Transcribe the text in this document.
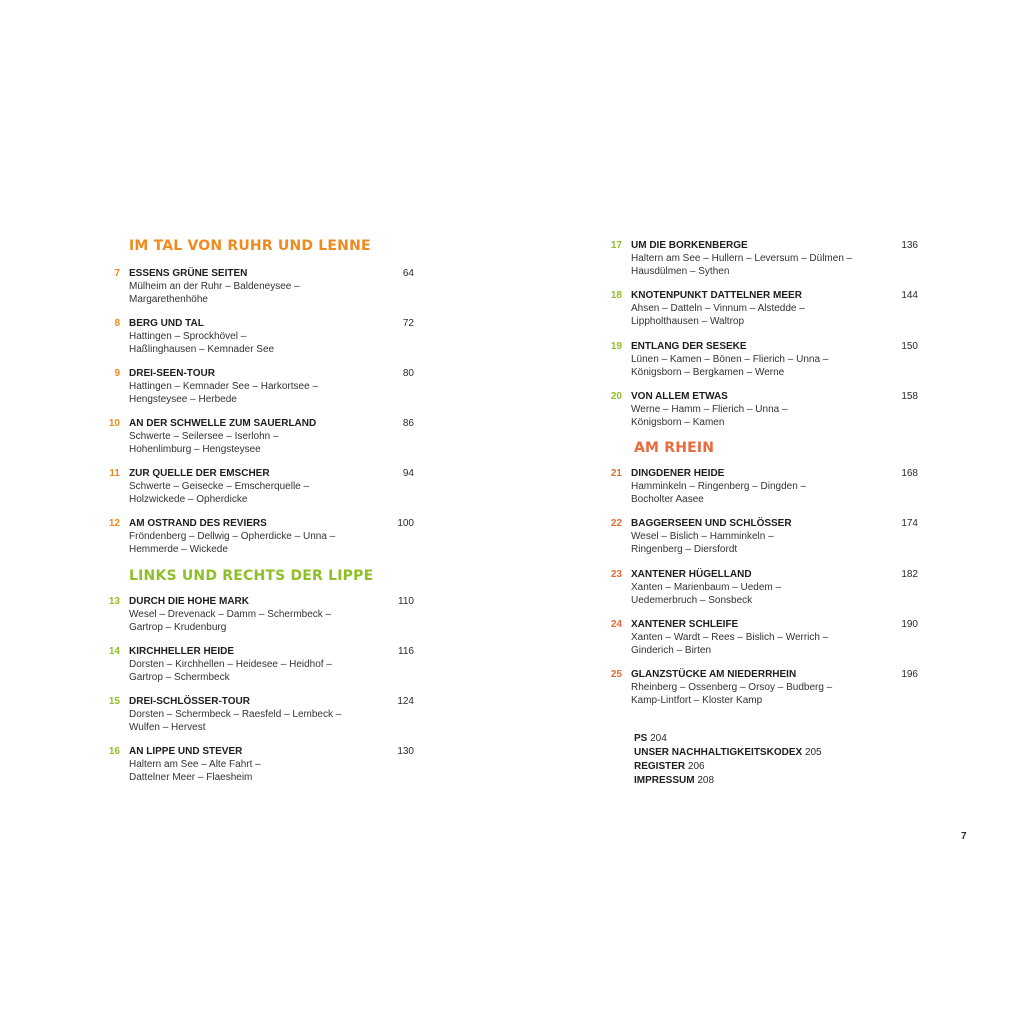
IM TAL VON RUHR UND LENNE
7 ESSENS GRÜNE SEITEN	64
Mülheim an der Ruhr – Baldeneysee –
Margarethenhöhe
8 BERG UND TAL	72
Hattingen – Sprockhövel –
Haßlinghausen – Kemnader See
9 DREI-SEEN-TOUR	80
Hattingen – Kemnader See – Harkortsee –
Hengsteysee – Herbede
10 AN DER SCHWELLE ZUM SAUERLAND	86
Schwerte – Seilersee – Iserlohn –
Hohenlimburg – Hengsteysee
11 ZUR QUELLE DER EMSCHER	94
Schwerte – Geisecke – Emscherquelle –
Holzwickede – Opherdicke
12 AM OSTRAND DES REVIERS	100
Fröndenberg – Dellwig – Opherdicke – Unna –
Hemmerde – Wickede
LINKS UND RECHTS DER LIPPE
13 DURCH DIE HOHE MARK	110
Wesel – Drevenack – Damm – Schermbeck –
Gartrop – Krudenburg
14 KIRCHHELLER HEIDE	116
Dorsten – Kirchhellen – Heidesee – Heidhof –
Gartrop – Schermbeck
15 DREI-SCHLÖSSER-TOUR	124
Dorsten – Schermbeck – Raesfeld – Lembeck –
Wulfen – Hervest
16 AN LIPPE UND STEVER	130
Haltern am See – Alte Fahrt –
Dattelner Meer – Flaesheim
17 UM DIE BORKENBERGE	136
Haltern am See – Hullern – Leversum – Dülmen –
Hausdülmen – Sythen
18 KNOTENPUNKT DATTELNER MEER	144
Ahsen – Datteln – Vinnum – Alstedde –
Lippholthausen – Waltrop
19 ENTLANG DER SESEKE	150
Lünen – Kamen – Bönen – Flierich – Unna –
Königsborn – Bergkamen – Werne
20 VON ALLEM ETWAS	158
Werne – Hamm – Flierich – Unna –
Königsborn – Kamen
AM RHEIN
21 DINGDENER HEIDE	168
Hamminkeln – Ringenberg – Dingden –
Bocholter Aasee
22 BAGGERSEEN UND SCHLÖSSER	174
Wesel – Bislich – Hamminkeln –
Ringenberg – Diersfordt
23 XANTENER HÜGELLAND	182
Xanten – Marienbaum – Uedem –
Uedemerbruch – Sonsbeck
24 XANTENER SCHLEIFE	190
Xanten – Wardt – Rees – Bislich – Werrich –
Ginderich – Birten
25 GLANZSTÜCKE AM NIEDERRHEIN	196
Rheinberg – Ossenberg – Orsoy – Budberg –
Kamp-Lintfort – Kloster Kamp
PS 204
UNSER NACHHALTIGKEITSKODEX 205
REGISTER 206
IMPRESSUM 208
7
